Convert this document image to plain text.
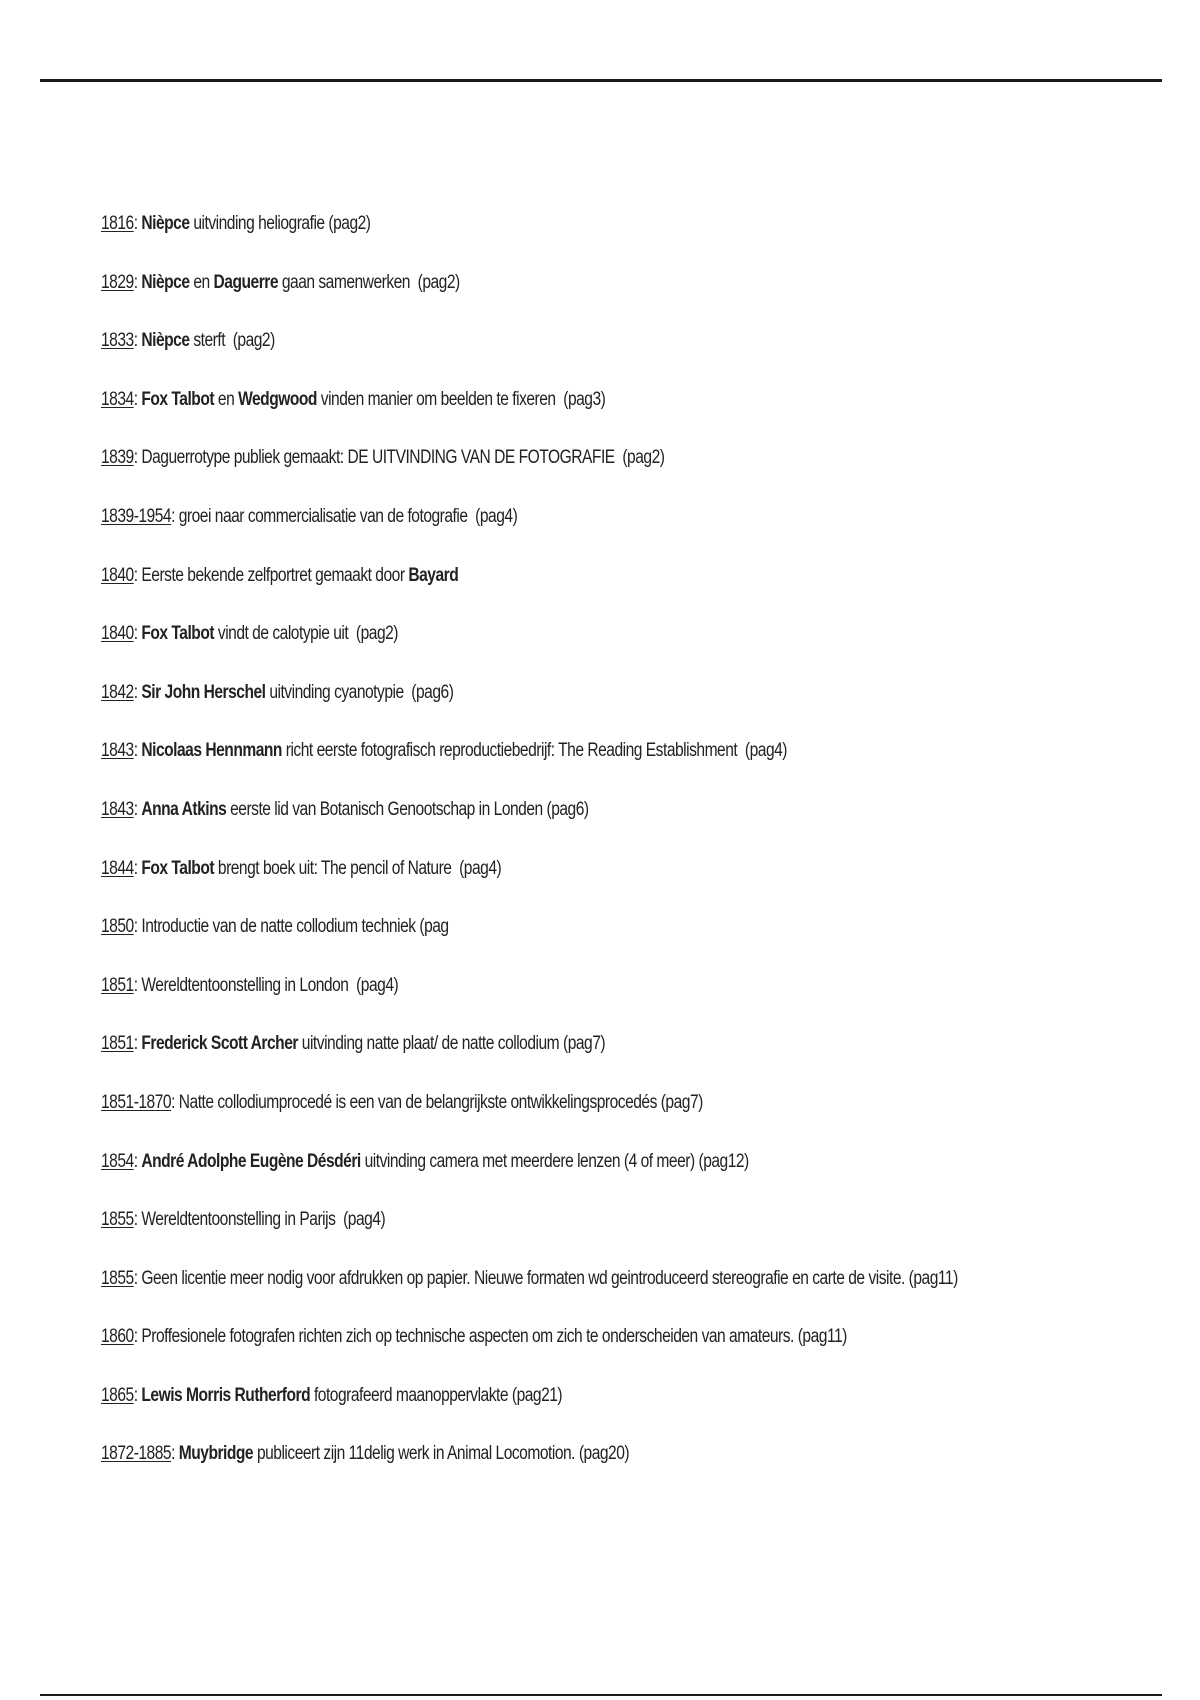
1816 : Nièpce uitvinding heliografie (pag2)
1829 : Nièpce en Daguerre gaan samenwerken  (pag2)
1833 : Nièpce sterft  (pag2)
1834 : Fox Talbot en Wedgwood vinden manier om beelden te fixeren  (pag3)
1839 : Daguerrotype publiek gemaakt: DE UITVINDING VAN DE FOTOGRAFIE  (pag2)
1839-1954 : groei naar commercialisatie van de fotografie  (pag4)
1840 : Eerste bekende zelfportret gemaakt door Bayard
1840 : Fox Talbot vindt de calotypie uit  (pag2)
1842 : Sir John Herschel uitvinding cyanotypie  (pag6)
1843 : Nicolaas Hennmann richt eerste fotografisch reproductiebedrijf: The Reading Establishment  (pag4)
1843 : Anna Atkins eerste lid van Botanisch Genootschap in Londen (pag6)
1844 : Fox Talbot brengt boek uit: The pencil of Nature  (pag4)
1850 : Introductie van de natte collodium techniek (pag
1851 : Wereldtentoonstelling in London  (pag4)
1851 : Frederick Scott Archer uitvinding natte plaat/ de natte collodium (pag7)
1851-1870 : Natte collodiumprocedé is een van de belangrijkste ontwikkelingsprocedés (pag7)
1854 : André Adolphe Eugène Désdéri uitvinding camera met meerdere lenzen (4 of meer) (pag12)
1855 : Wereldtentoonstelling in Parijs  (pag4)
1855 : Geen licentie meer nodig voor afdrukken op papier. Nieuwe formaten wd geintroduceerd stereografie en carte de visite. (pag11)
1860 : Proffesionele fotografen richten zich op technische aspecten om zich te onderscheiden van amateurs. (pag11)
1865 : Lewis Morris Rutherford fotografeerd maanoppervlakte (pag21)
1872-1885 : Muybridge publiceert zijn 11delig werk in Animal Locomotion. (pag20)
